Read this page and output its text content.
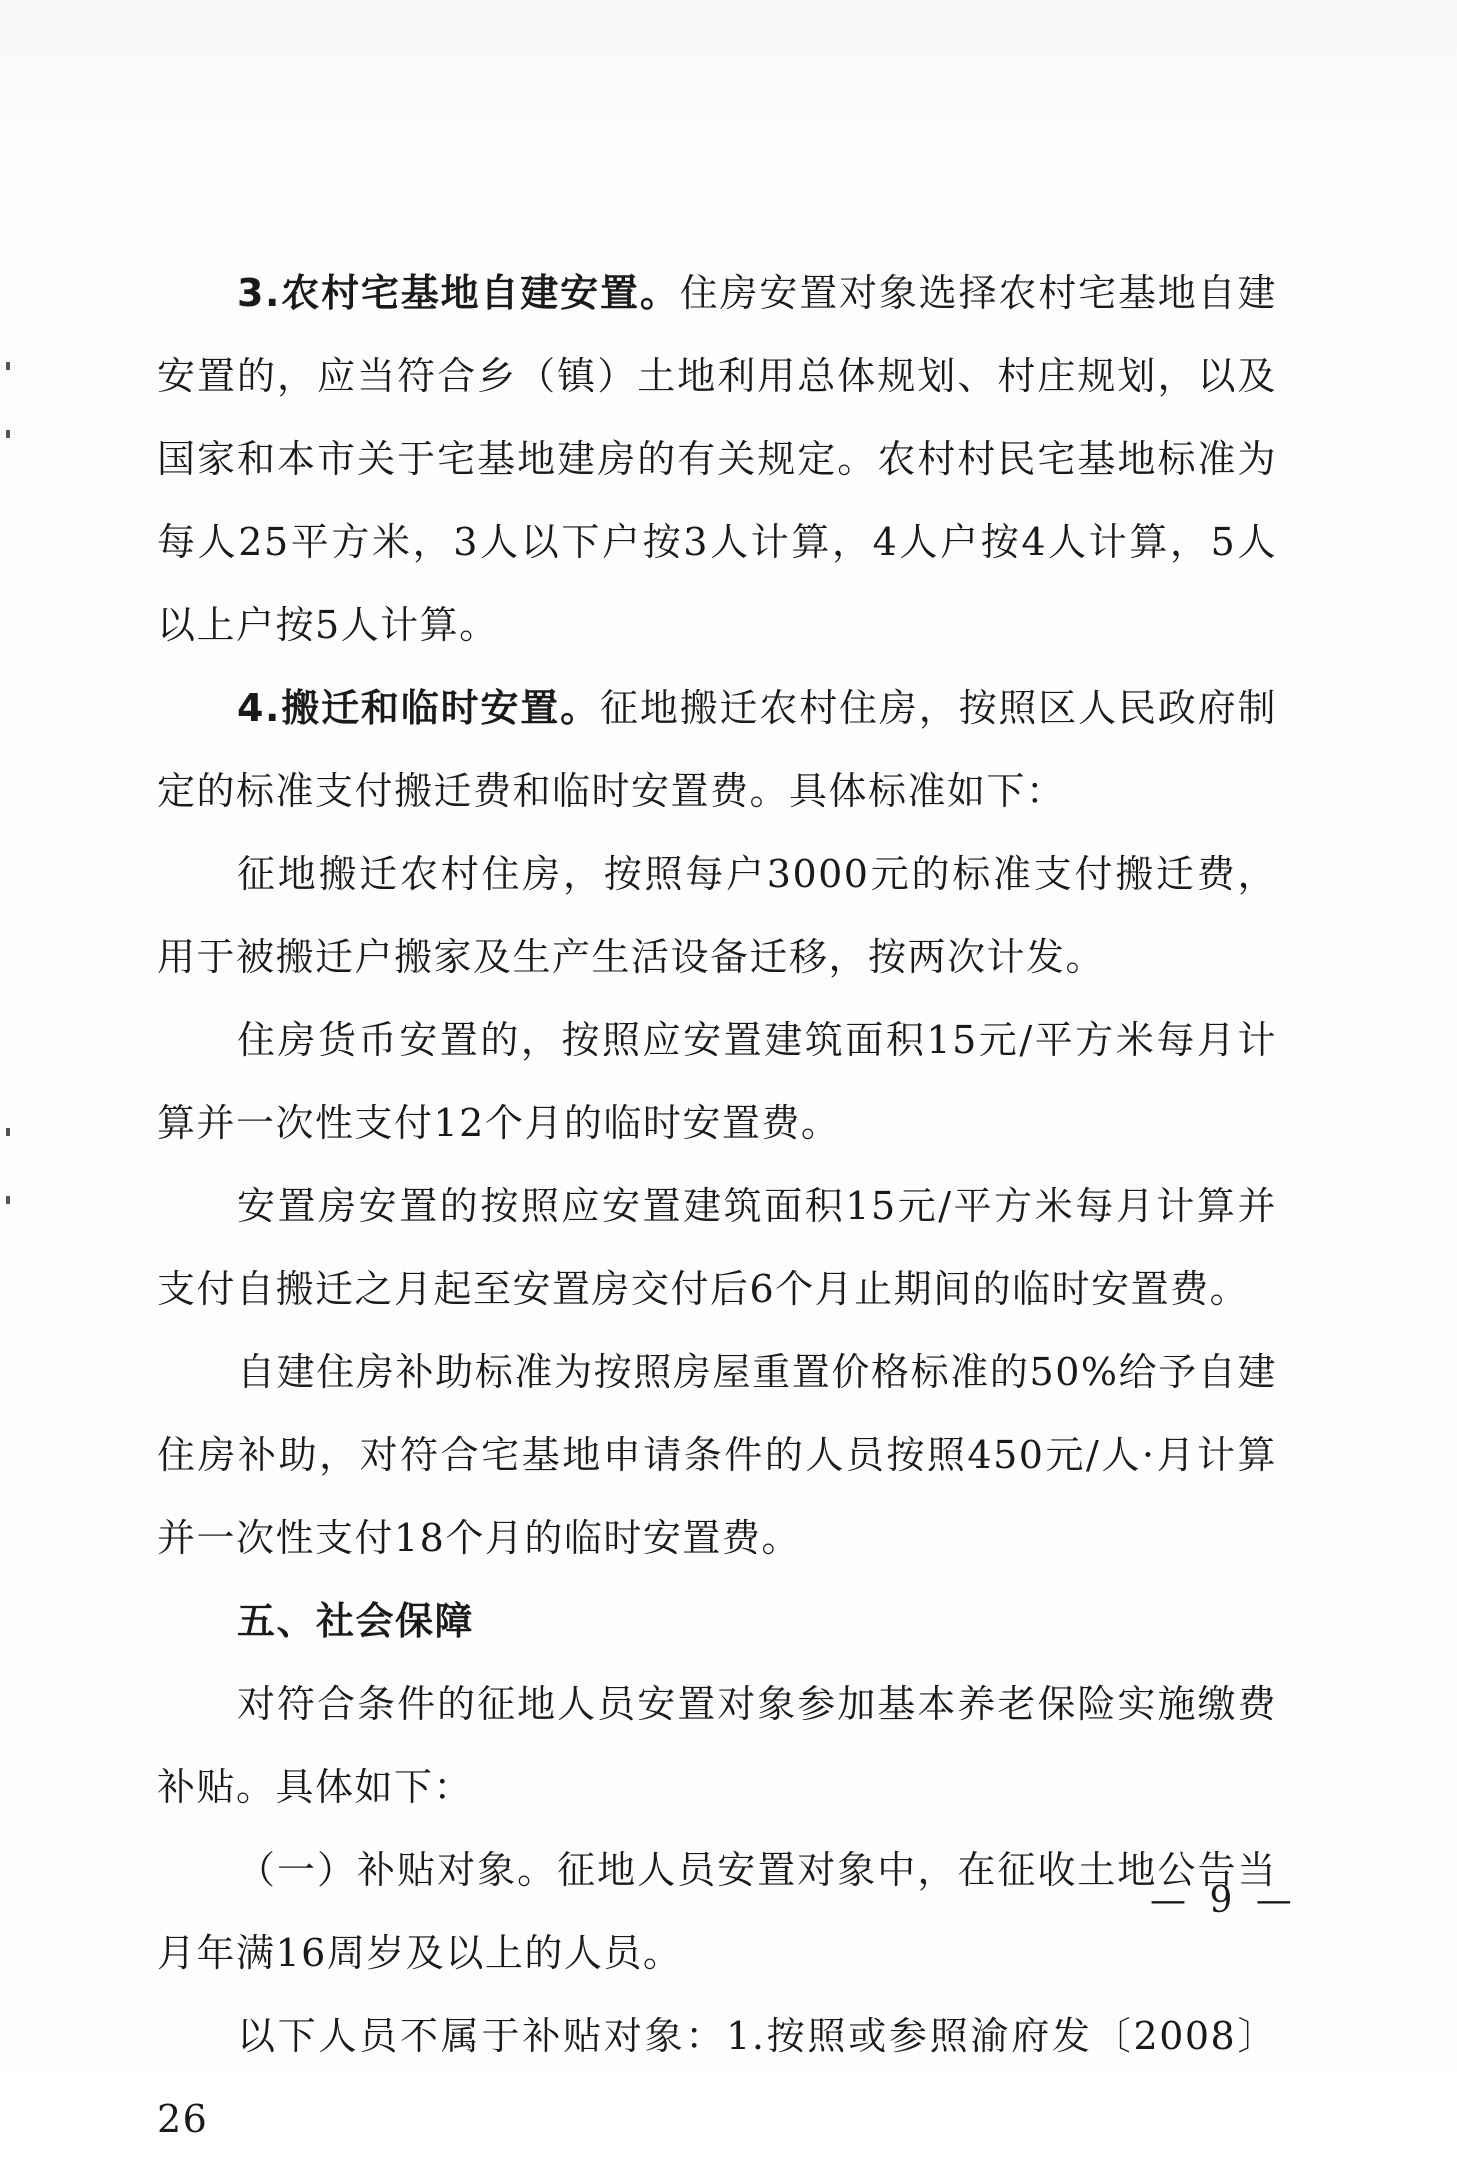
3.农村宅基地自建安置。住房安置对象选择农村宅基地自建安置的，应当符合乡（镇）土地利用总体规划、村庄规划，以及国家和本市关于宅基地建房的有关规定。农村村民宅基地标准为每人25平方米，3人以下户按3人计算，4人户按4人计算，5人以上户按5人计算。

4.搬迁和临时安置。征地搬迁农村住房，按照区人民政府制定的标准支付搬迁费和临时安置费。具体标准如下：

征地搬迁农村住房，按照每户3000元的标准支付搬迁费，用于被搬迁户搬家及生产生活设备迁移，按两次计发。

住房货币安置的，按照应安置建筑面积15元/平方米每月计算并一次性支付12个月的临时安置费。

安置房安置的按照应安置建筑面积15元/平方米每月计算并支付自搬迁之月起至安置房交付后6个月止期间的临时安置费。

自建住房补助标准为按照房屋重置价格标准的50%给予自建住房补助，对符合宅基地申请条件的人员按照450元/人·月计算并一次性支付18个月的临时安置费。

五、社会保障

对符合条件的征地人员安置对象参加基本养老保险实施缴费补贴。具体如下：

（一）补贴对象。征地人员安置对象中，在征收土地公告当月年满16周岁及以上的人员。

以下人员不属于补贴对象：1.按照或参照渝府发〔2008〕26

— 9 —
